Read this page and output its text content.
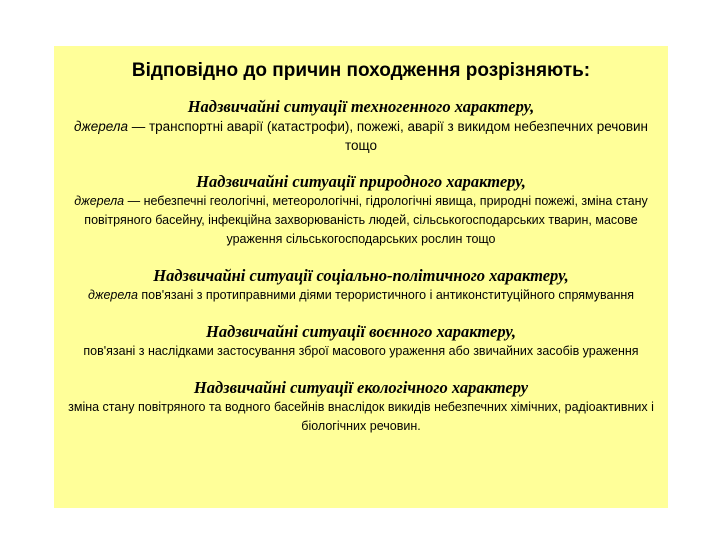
Відповідно до причин походження розрізняють:
Надзвичайні ситуації техногенного характеру,
джерела — транспортні аварії (катастрофи), пожежі, аварії з викидом небезпечних речовин тощо
Надзвичайні ситуації природного характеру,
джерела — небезпечні геологічні, метеорологічні, гідрологічні явища, природні пожежі, зміна стану повітряного басейну, інфекційна захворюваність людей, сільськогосподарських тварин, масове ураження сільськогосподарських рослин тощо
Надзвичайні ситуації соціально-політичного характеру,
джерела пов'язані з протиправними діями терористичного і антиконституційного спрямування
Надзвичайні ситуації воєнного характеру,
пов'язані з наслідками застосування зброї масового ураження або звичайних засобів ураження
Надзвичайні ситуації екологічного характеру
зміна стану повітряного та водного басейнів внаслідок викидів небезпечних хімічних, радіоактивних і біологічних речовин.
